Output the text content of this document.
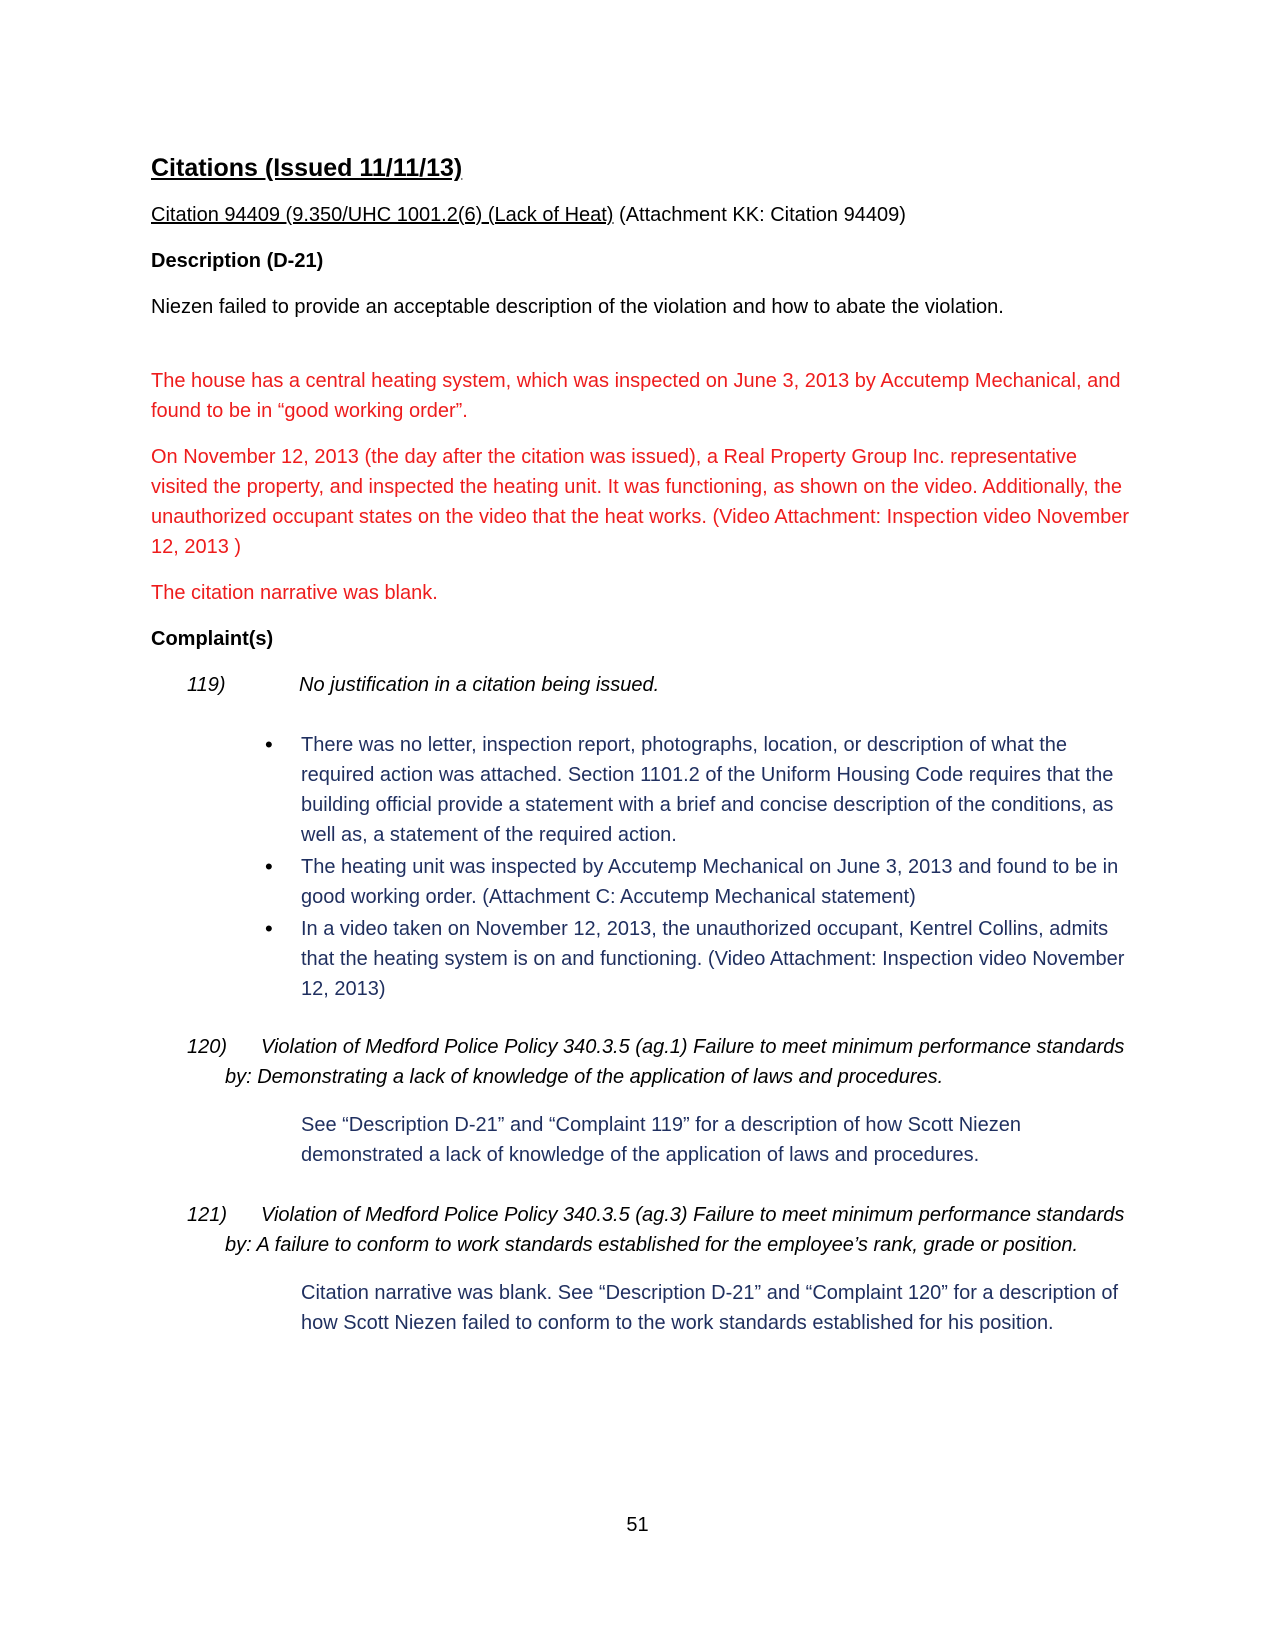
Citations (Issued 11/11/13)

Citation 94409 (9.350/UHC 1001.2(6) (Lack of Heat) (Attachment KK: Citation 94409)

Description (D-21)

Niezen failed to provide an acceptable description of the violation and how to abate the violation.

The house has a central heating system, which was inspected on June 3, 2013 by Accutemp Mechanical, and found to be in “good working order”.

On November 12, 2013 (the day after the citation was issued), a Real Property Group Inc. representative visited the property, and inspected the heating unit. It was functioning, as shown on the video. Additionally, the unauthorized occupant states on the video that the heat works. (Video Attachment: Inspection video November 12, 2013 )

The citation narrative was blank.

Complaint(s)

119)	No justification in a citation being issued.
• There was no letter, inspection report, photographs, location, or description of what the required action was attached. Section 1101.2 of the Uniform Housing Code requires that the building official provide a statement with a brief and concise description of the conditions, as well as, a statement of the required action.
• The heating unit was inspected by Accutemp Mechanical on June 3, 2013 and found to be in good working order. (Attachment C: Accutemp Mechanical statement)
• In a video taken on November 12, 2013, the unauthorized occupant, Kentrel Collins, admits that the heating system is on and functioning. (Video Attachment: Inspection video November 12, 2013)
120) Violation of Medford Police Policy 340.3.5 (ag.1) Failure to meet minimum performance standards by: Demonstrating a lack of knowledge of the application of laws and procedures.
See “Description D-21” and “Complaint 119” for a description of how Scott Niezen demonstrated a lack of knowledge of the application of laws and procedures.
121) Violation of Medford Police Policy 340.3.5 (ag.3) Failure to meet minimum performance standards by: A failure to conform to work standards established for the employee’s rank, grade or position.
Citation narrative was blank. See “Description D-21” and “Complaint 120” for a description of how Scott Niezen failed to conform to the work standards established for his position.
51
